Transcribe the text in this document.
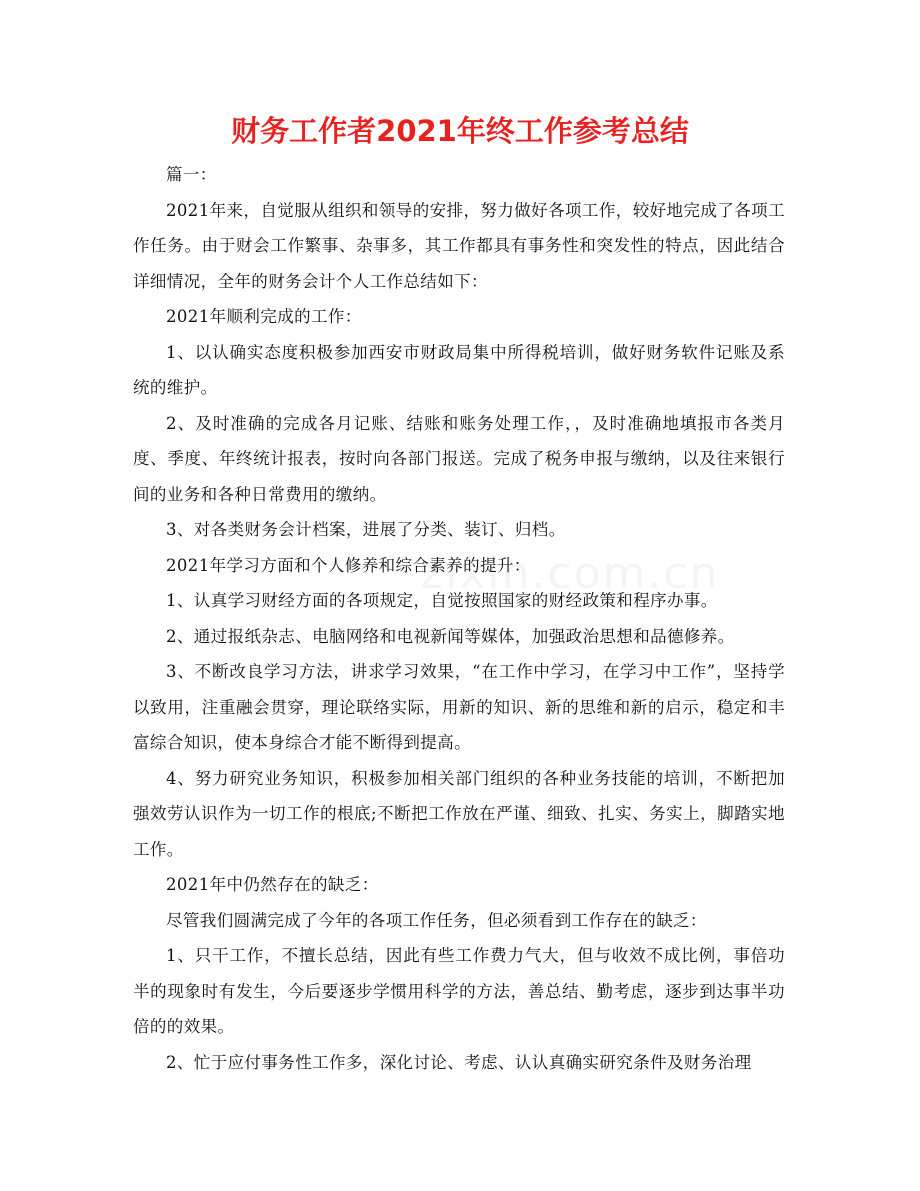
财务工作者2021年终工作参考总结

篇一：

2021年来，自觉服从组织和领导的安排，努力做好各项工作，较好地完成了各项工作任务。由于财会工作繁事、杂事多，其工作都具有事务性和突发性的特点，因此结合详细情况，全年的财务会计个人工作总结如下：

2021年顺利完成的工作：

1、以认确实态度积极参加西安市财政局集中所得税培训，做好财务软件记账及系统的维护。

2、及时准确的完成各月记账、结账和账务处理工作，，及时准确地填报市各类月度、季度、年终统计报表，按时向各部门报送。完成了税务申报与缴纳，以及往来银行间的业务和各种日常费用的缴纳。

3、对各类财务会计档案，进展了分类、装订、归档。

2021年学习方面和个人修养和综合素养的提升：

1、认真学习财经方面的各项规定，自觉按照国家的财经政策和程序办事。

2、通过报纸杂志、电脑网络和电视新闻等媒体，加强政治思想和品德修养。

3、不断改良学习方法，讲求学习效果，“在工作中学习，在学习中工作”，坚持学以致用，注重融会贯穿，理论联络实际，用新的知识、新的思维和新的启示，稳定和丰富综合知识，使本身综合才能不断得到提高。

4、努力研究业务知识，积极参加相关部门组织的各种业务技能的培训，不断把加强效劳认识作为一切工作的根底;不断把工作放在严谨、细致、扎实、务实上，脚踏实地工作。

2021年中仍然存在的缺乏：

尽管我们圆满完成了今年的各项工作任务，但必须看到工作存在的缺乏：

1、只干工作，不擅长总结，因此有些工作费力气大，但与收效不成比例，事倍功半的现象时有发生，今后要逐步学惯用科学的方法，善总结、勤考虑，逐步到达事半功倍的的效果。

2、忙于应付事务性工作多，深化讨论、考虑、认认真确实研究条件及财务治理
